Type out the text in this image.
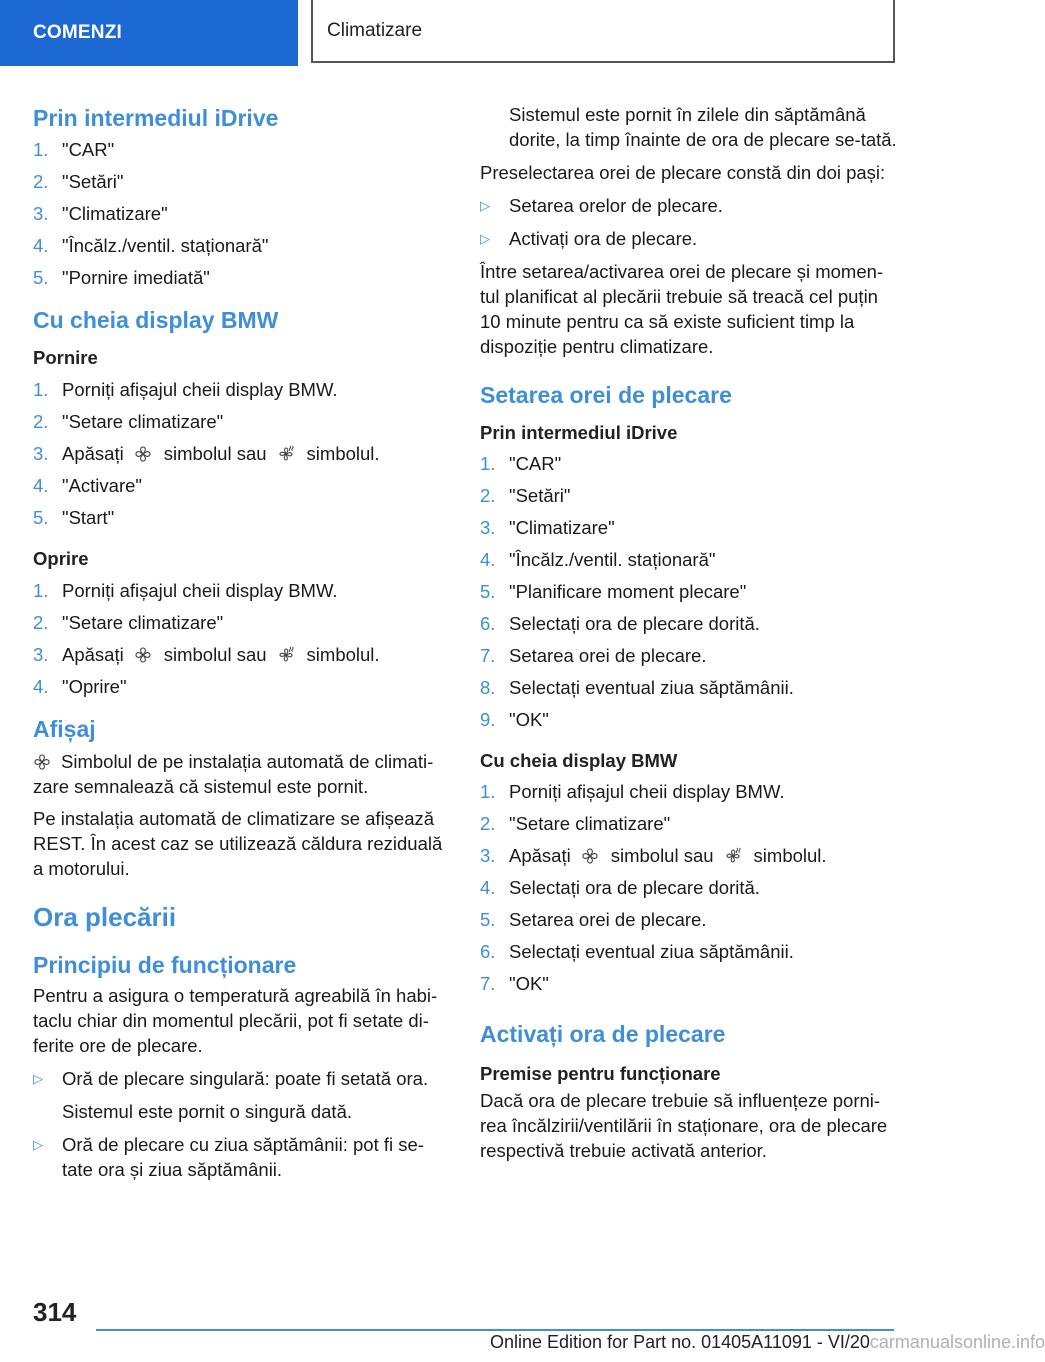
COMENZI	Climatizare
Prin intermediul iDrive
1. "CAR"
2. "Setări"
3. "Climatizare"
4. "Încălz./ventil. staționară"
5. "Pornire imediată"
Cu cheia display BMW
Pornire
1. Porniți afișajul cheii display BMW.
2. "Setare climatizare"
3. Apăsați simbolul sau simbolul.
4. "Activare"
5. "Start"
Oprire
1. Porniți afișajul cheii display BMW.
2. "Setare climatizare"
3. Apăsați simbolul sau simbolul.
4. "Oprire"
Afișaj

Simbolul de pe instalația automată de climati-zare semnalează că sistemul este pornit.

Pe instalația automată de climatizare se afișează REST. În acest caz se utilizează căldura reziduală a motorului.

Ora plecării
Principiu de funcționare

Pentru a asigura o temperatură agreabilă în habi-taclu chiar din momentul plecării, pot fi setate di-ferite ore de plecare.

▷	Oră de plecare singulară: poate fi setată ora.

Sistemul este pornit o singură dată.

▷	Oră de plecare cu ziua săptămânii: pot fi se-tate ora și ziua săptămânii.

Sistemul este pornit în zilele din săptămână dorite, la timp înainte de ora de plecare se-tată.

Preselectarea orei de plecare constă din doi pași:

▷	Setarea orelor de plecare.
▷	Activați ora de plecare.

Între setarea/activarea orei de plecare și momen-tul planificat al plecării trebuie să treacă cel puțin 10 minute pentru ca să existe suficient timp la dispoziție pentru climatizare.

Setarea orei de plecare
Prin intermediul iDrive
1. "CAR"
2. "Setări"
3. "Climatizare"
4. "Încălz./ventil. staționară"
5. "Planificare moment plecare"
6. Selectați ora de plecare dorită.
7. Setarea orei de plecare.
8. Selectați eventual ziua săptămânii.
9. "OK"
Cu cheia display BMW
1. Porniți afișajul cheii display BMW.
2. "Setare climatizare"
3. Apăsați simbolul sau simbolul.
4. Selectați ora de plecare dorită.
5. Setarea orei de plecare.
6. Selectați eventual ziua săptămânii.
7. "OK"
Activați ora de plecare
Premise pentru funcționare

Dacă ora de plecare trebuie să influențeze porni-rea încălzirii/ventilării în staționare, ora de plecare respectivă trebuie activată anterior.

314
Online Edition for Part no. 01405A11091 - VI/20carmanualsonline.info
